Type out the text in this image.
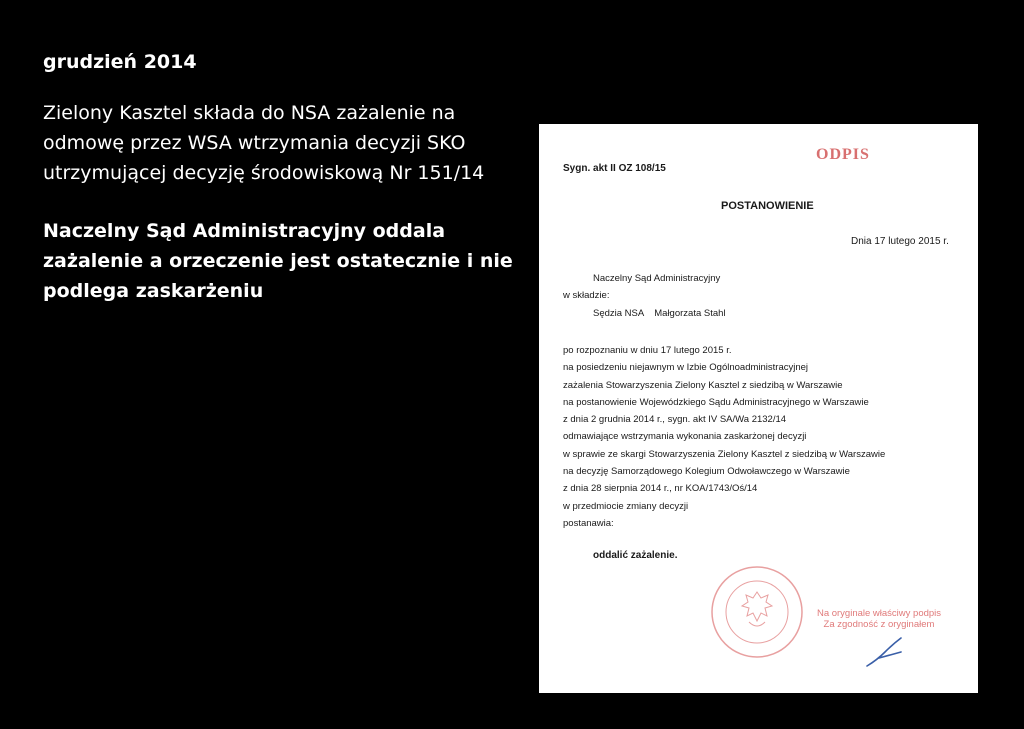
grudzień 2014

Zielony Kasztel składa do NSA zażalenie na odmowę przez WSA wtrzymania decyzji SKO utrzymującej decyzję środowiskową Nr 151/14

Naczelny Sąd Administracyjny oddala zażalenie a orzeczenie jest ostatecznie i nie podlega zaskarżeniu

Sygn. akt II OZ 108/15
ODPIS
POSTANOWIENIE
Dnia 17 lutego 2015 r.
Naczelny Sąd Administracyjny
w składzie:
Sędzia NSA    Małgorzata Stahl
po rozpoznaniu w dniu 17 lutego 2015 r.
na posiedzeniu niejawnym w Izbie Ogólnoadministracyjnej
zażalenia Stowarzyszenia Zielony Kasztel z siedzibą w Warszawie
na postanowienie Wojewódzkiego Sądu Administracyjnego w Warszawie
z dnia 2 grudnia 2014 r., sygn. akt IV SA/Wa 2132/14
odmawiające wstrzymania wykonania zaskarżonej decyzji
w sprawie ze skargi Stowarzyszenia Zielony Kasztel z siedzibą w Warszawie
na decyzję Samorządowego Kolegium Odwoławczego w Warszawie
z dnia 28 sierpnia 2014 r., nr KOA/1743/Oś/14
w przedmiocie zmiany decyzji
postanawia:
oddalić zażalenie.
Na oryginale właściwy podpis
Za zgodność z oryginałem
